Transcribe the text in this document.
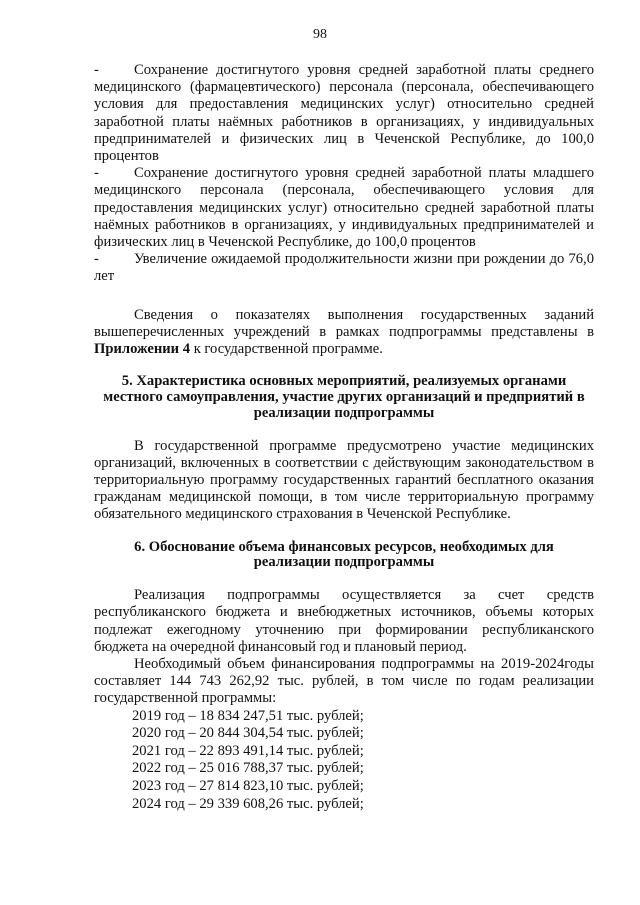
98

- Сохранение достигнутого уровня средней заработной платы среднего медицинского (фармацевтического) персонала (персонала, обеспечивающего условия для предоставления медицинских услуг) относительно средней заработной платы наёмных работников в организациях, у индивидуальных предпринимателей и физических лиц в Чеченской Республике, до 100,0 процентов

- Сохранение достигнутого уровня средней заработной платы младшего медицинского персонала (персонала, обеспечивающего условия для предоставления медицинских услуг) относительно средней заработной платы наёмных работников в организациях, у индивидуальных предпринимателей и физических лиц в Чеченской Республике, до 100,0 процентов

- Увеличение ожидаемой продолжительности жизни при рождении до 76,0 лет

Сведения о показателях выполнения государственных заданий вышеперечисленных учреждений в рамках подпрограммы представлены в Приложении 4 к государственной программе.

5. Характеристика основных мероприятий, реализуемых органами местного самоуправления, участие других организаций и предприятий в реализации подпрограммы

В государственной программе предусмотрено участие медицинских организаций, включенных в соответствии с действующим законодательством в территориальную программу государственных гарантий бесплатного оказания гражданам медицинской помощи, в том числе территориальную программу обязательного медицинского страхования в Чеченской Республике.

6. Обоснование объема финансовых ресурсов, необходимых для реализации подпрограммы

Реализация подпрограммы осуществляется за счет средств республиканского бюджета и внебюджетных источников, объемы которых подлежат ежегодному уточнению при формировании республиканского бюджета на очередной финансовый год и плановый период.

Необходимый объем финансирования подпрограммы на 2019-2024годы составляет 144 743 262,92 тыс. рублей, в том числе по годам реализации государственной программы:

2019 год – 18 834 247,51 тыс. рублей;
2020 год – 20 844 304,54 тыс. рублей;
2021 год – 22 893 491,14 тыс. рублей;
2022 год – 25 016 788,37 тыс. рублей;
2023 год – 27 814 823,10 тыс. рублей;
2024 год – 29 339 608,26 тыс. рублей;
